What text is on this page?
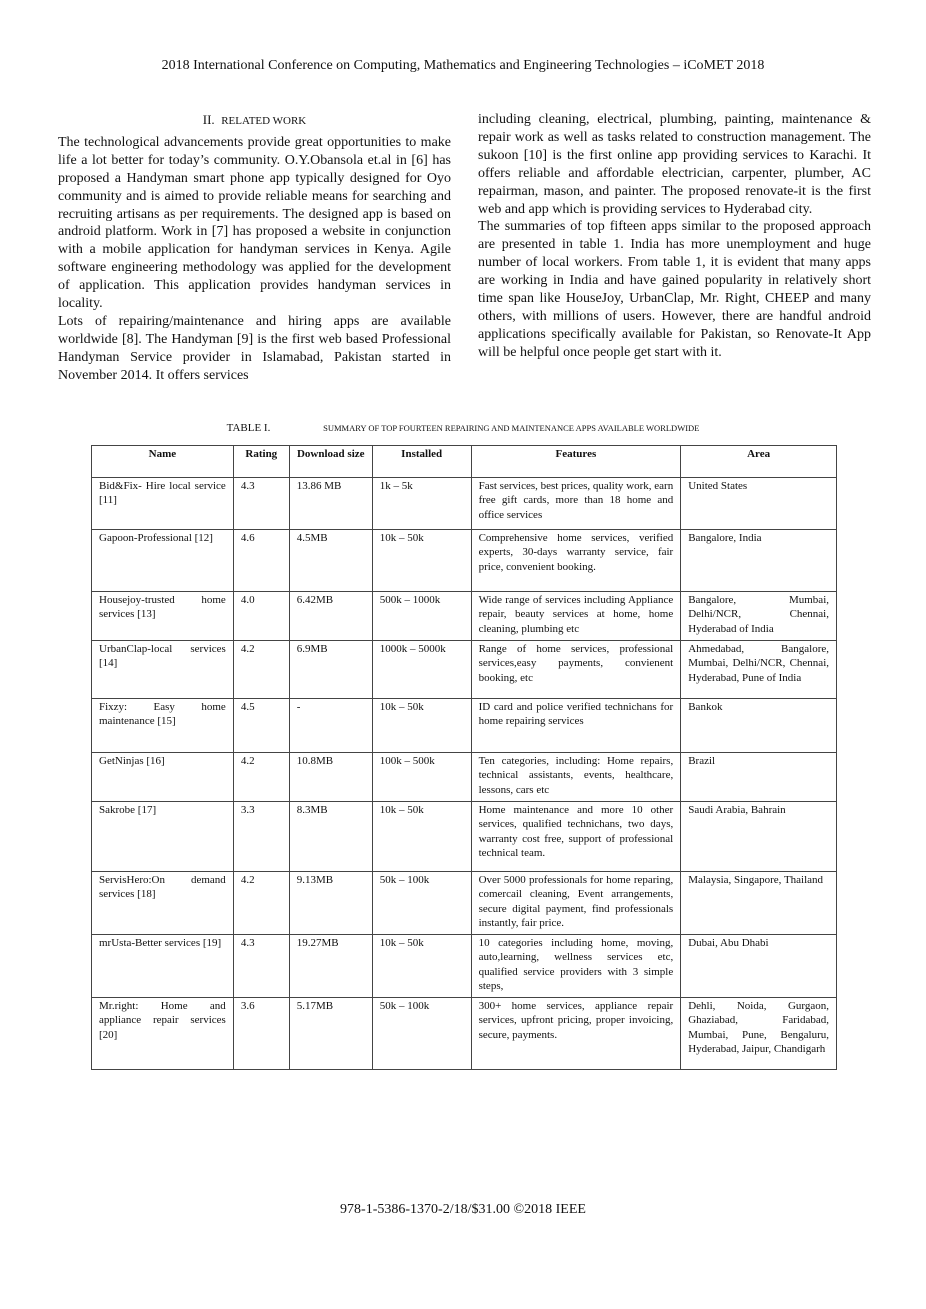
2018 International Conference on Computing, Mathematics and Engineering Technologies – iCoMET 2018

II. RELATED WORK

The technological advancements provide great opportunities to make life a lot better for today’s community. O.Y.Obansola et.al in [6] has proposed a Handyman smart phone app typically designed for Oyo community and is aimed to provide reliable means for searching and recruiting artisans as per requirements. The designed app is based on android platform. Work in [7] has proposed a website in conjunction with a mobile application for handyman services in Kenya. Agile software engineering methodology was applied for the development of application. This application provides handyman services in locality.

Lots of repairing/maintenance and hiring apps are available worldwide [8]. The Handyman [9] is the first web based Professional Handyman Service provider in Islamabad, Pakistan started in November 2014. It offers services

including cleaning, electrical, plumbing, painting, maintenance & repair work as well as tasks related to construction management. The sukoon [10] is the first online app providing services to Karachi. It offers reliable and affordable electrician, carpenter, plumber, AC repairman, mason, and painter. The proposed renovate-it is the first web and app which is providing services to Hyderabad city.

The summaries of top fifteen apps similar to the proposed approach are presented in table 1. India has more unemployment and huge number of local workers. From table 1, it is evident that many apps are working in India and have gained popularity in relatively short time span like HouseJoy, UrbanClap, Mr. Right, CHEEP and many others, with millions of users. However, there are handful android applications specifically available for Pakistan, so Renovate-It App will be helpful once people get start with it.

TABLE I.	SUMMARY OF TOP FOURTEEN REPAIRING AND MAINTENANCE APPS AVAILABLE WORLDWIDE
Name	Rating	Download size	Installed	Features	Area
Bid&Fix- Hire local service [11]	4.3	13.86 MB	1k – 5k	Fast services, best prices, quality work, earn free gift cards, more than 18 home and office services	United States
Gapoon-Professional [12]	4.6	4.5MB	10k – 50k	Comprehensive home services, verified experts, 30-days warranty service, fair price, convenient booking.	Bangalore, India
Housejoy-trusted home services [13]	4.0	6.42MB	500k – 1000k	Wide range of services including Appliance repair, beauty services at home, home cleaning, plumbing etc	Bangalore, Mumbai, Delhi/NCR, Chennai, Hyderabad of India
UrbanClap-local services [14]	4.2	6.9MB	1000k – 5000k	Range of home services, professional services,easy payments, convienent booking, etc	Ahmedabad, Bangalore, Mumbai, Delhi/NCR, Chennai, Hyderabad, Pune of India
Fixzy: Easy home maintenance [15]	4.5	-	10k – 50k	ID card and police verified technichans for home repairing services	Bankok
GetNinjas [16]	4.2	10.8MB	100k – 500k	Ten categories, including: Home repairs, technical assistants, events, healthcare, lessons, cars etc	Brazil
Sakrobe [17]	3.3	8.3MB	10k – 50k	Home maintenance and more 10 other services, qualified technichans, two days, warranty cost free, support of professional technical team.	Saudi Arabia, Bahrain
ServisHero:On demand services [18]	4.2	9.13MB	50k – 100k	Over 5000 professionals for home reparing, comercail cleaning, Event arrangements, secure digital payment, find professionals instantly, fair price.	Malaysia, Singapore, Thailand
mrUsta-Better services [19]	4.3	19.27MB	10k – 50k	10 categories including home, moving, auto,learning, wellness services etc, qualified service providers with 3 simple steps,	Dubai, Abu Dhabi
Mr.right: Home and appliance repair services [20]	3.6	5.17MB	50k – 100k	300+ home services, appliance repair services, upfront pricing, proper invoicing, secure, payments.	Dehli, Noida, Gurgaon, Ghaziabad, Faridabad, Mumbai, Pune, Bengaluru, Hyderabad, Jaipur, Chandigarh
978-1-5386-1370-2/18/$31.00 ©2018 IEEE
